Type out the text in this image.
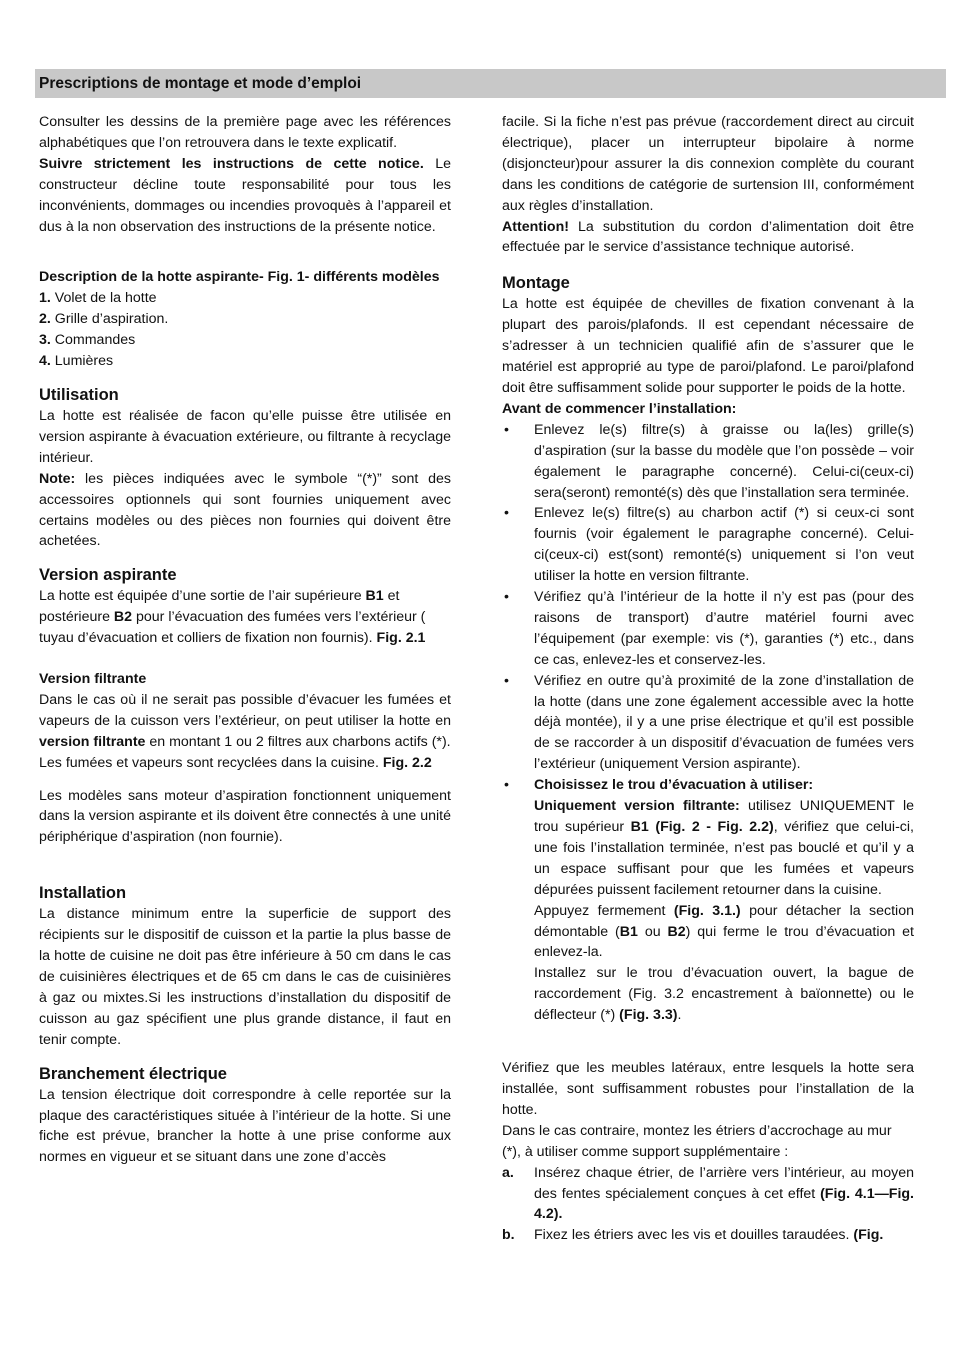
Prescriptions de montage et mode d’emploi

Consulter les dessins de la première page avec les références alphabétiques que l’on retrouvera dans le texte explicatif.

Suivre strictement les instructions de cette notice. Le constructeur décline toute responsabilité pour tous les inconvénients, dommages ou incendies provoquès à l’appareil et dus à la non observation des instructions de la présente notice.

Description de la hotte aspirante- Fig. 1- différents modèles

1. Volet de la hotte
2. Grille d’aspiration.
3. Commandes
4. Lumières

Utilisation

La hotte est réalisée de facon qu’elle puisse être utilisée en version aspirante à évacuation extérieure, ou filtrante à recyclage intérieur.

Note: les pièces indiquées avec le symbole “(*)” sont des accessoires optionnels qui sont fournies uniquement avec certains modèles ou des pièces non fournies qui doivent être achetées.

Version aspirante

La hotte est équipée d’une sortie de l’air supérieure B1 et postérieure B2 pour l’évacuation des fumées vers l’extérieur ( tuyau d’évacuation et colliers de fixation non fournis). Fig. 2.1

Version filtrante

Dans le cas où il ne serait pas possible d’évacuer les fumées et vapeurs de la cuisson vers l’extérieur, on peut utiliser la hotte en version filtrante en montant 1 ou 2 filtres aux charbons actifs (*).

Les fumées et vapeurs sont recyclées dans la cuisine. Fig. 2.2

Les modèles sans moteur d’aspiration fonctionnent uniquement dans la version aspirante et ils doivent être connectés à une unité périphérique d’aspiration (non fournie).

Installation

La distance minimum entre la superficie de support des récipients sur le dispositif de cuisson et la partie la plus basse de la hotte de cuisine ne doit pas être inférieure à 50 cm dans le cas de cuisinières électriques et de 65 cm dans le cas de cuisinières à gaz ou mixtes.Si les instructions d’installation du dispositif de cuisson au gaz spécifient une plus grande distance, il faut en tenir compte.

Branchement électrique

La tension électrique doit correspondre à celle reportée sur la plaque des caractéristiques située à l’intérieur de la hotte. Si une fiche est prévue, brancher la hotte à une prise conforme aux normes en vigueur et se situant dans une zone d’accès

facile. Si la fiche n’est pas prévue (raccordement direct au circuit électrique), placer un interrupteur bipolaire à norme (disjoncteur)pour assurer la dis connexion complète du courant dans les conditions de catégorie de surtension III, conformément aux règles d’installation.

Attention! La substitution du cordon d’alimentation doit être effectuée par le service d’assistance technique autorisé.

Montage

La hotte est équipée de chevilles de fixation convenant à la plupart des parois/plafonds. Il est cependant nécessaire de s’adresser à un technicien qualifié afin de s’assurer que le matériel est approprié au type de paroi/plafond. Le paroi/plafond doit être suffisamment solide pour supporter le poids de la hotte.

Avant de commencer l’installation:

• Enlevez le(s) filtre(s) à graisse ou la(les) grille(s) d’aspiration (sur la basse du modèle que l’on possède – voir également le paragraphe concerné). Celui-ci(ceux-ci) sera(seront) remonté(s) dès que l’installation sera terminée.
• Enlevez le(s) filtre(s) au charbon actif (*) si ceux-ci sont fournis (voir également le paragraphe concerné). Celui-ci(ceux-ci) est(sont) remonté(s) uniquement si l’on veut utiliser la hotte en version filtrante.
• Vérifiez qu’à l’intérieur de la hotte il n’y est pas (pour des raisons de transport) d’autre matériel fourni avec l’équipement (par exemple: vis (*), garanties (*) etc., dans ce cas, enlevez-les et conservez-les.
• Vérifiez en outre qu’à proximité de la zone d’installation de la hotte (dans une zone également accessible avec la hotte déjà montée), il y a une prise électrique et qu’il est possible de se raccorder à un dispositif d’évacuation de fumées vers l’extérieur (uniquement Version aspirante).
• Choisissez le trou d’évacuation à utiliser:
Uniquement version filtrante: utilisez UNIQUEMENT le trou supérieur B1 (Fig. 2 - Fig. 2.2), vérifiez que celui-ci, une fois l’installation terminée, n’est pas bouclé et qu’il y a un espace suffisant pour que les fumées et vapeurs dépurées puissent facilement retourner dans la cuisine.
Appuyez fermement (Fig. 3.1.) pour détacher la section démontable (B1 ou B2) qui ferme le trou d’évacuation et enlevez-la.
Installez sur le trou d’évacuation ouvert, la bague de raccordement (Fig. 3.2 encastrement à baïonnette) ou le déflecteur (*) (Fig. 3.3).

Vérifiez que les meubles latéraux, entre lesquels la hotte sera installée, sont suffisamment robustes pour l’installation de la hotte.

Dans le cas contraire, montez les étriers d’accrochage au mur (*), à utiliser comme support supplémentaire :

a. Insérez chaque étrier, de l’arrière vers l’intérieur, au moyen des fentes spécialement conçues à cet effet (Fig. 4.1—Fig. 4.2).
b. Fixez les étriers avec les vis et douilles taraudées. (Fig.
